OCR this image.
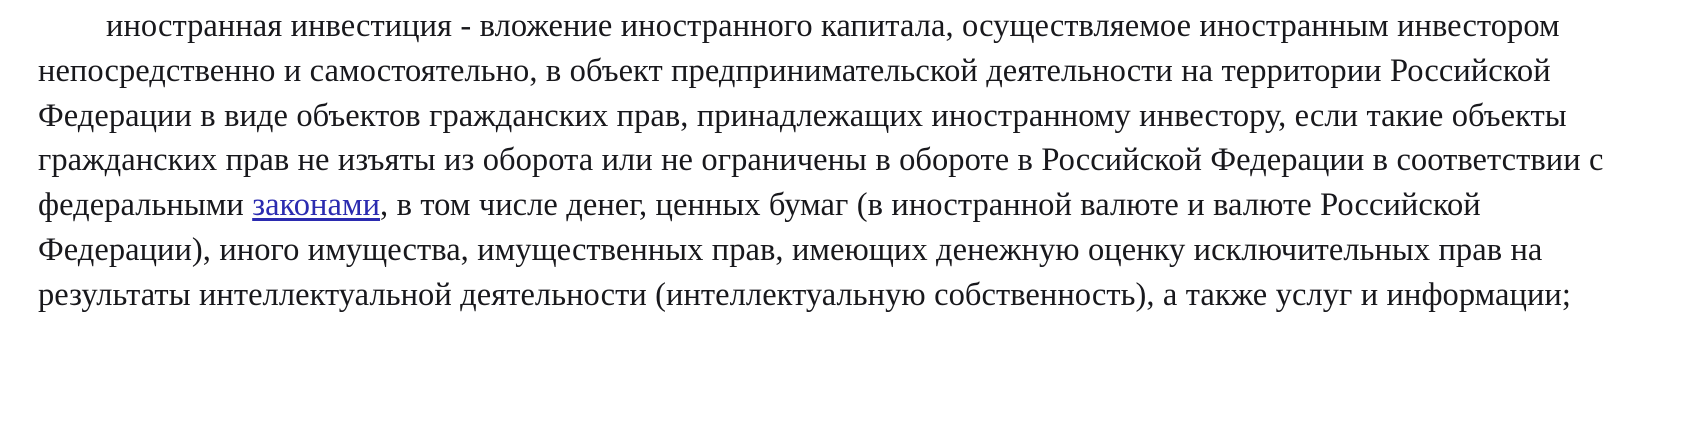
иностранная инвестиция - вложение иностранного капитала, осуществляемое иностранным инвестором непосредственно и самостоятельно, в объект предпринимательской деятельности на территории Российской Федерации в виде объектов гражданских прав, принадлежащих иностранному инвестору, если такие объекты гражданских прав не изъяты из оборота или не ограничены в обороте в Российской Федерации в соответствии с федеральными законами, в том числе денег, ценных бумаг (в иностранной валюте и валюте Российской Федерации), иного имущества, имущественных прав, имеющих денежную оценку исключительных прав на результаты интеллектуальной деятельности (интеллектуальную собственность), а также услуг и информации;
